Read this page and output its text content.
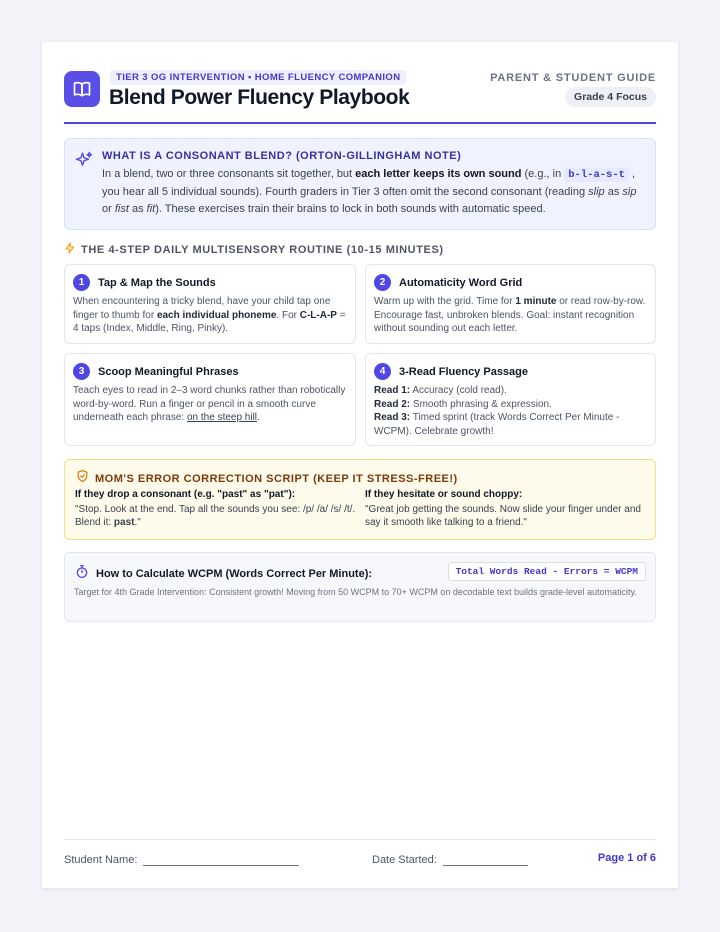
TIER 3 OG INTERVENTION • HOME FLUENCY COMPANION
Blend Power Fluency Playbook
PARENT & STUDENT GUIDE
Grade 4 Focus
WHAT IS A CONSONANT BLEND? (ORTON-GILLINGHAM NOTE)
In a blend, two or three consonants sit together, but each letter keeps its own sound (e.g., in b-l-a-s-t , you hear all 5 individual sounds). Fourth graders in Tier 3 often omit the second consonant (reading slip as sip or fist as fit). These exercises train their brains to lock in both sounds with automatic speed.
THE 4-STEP DAILY MULTISENSORY ROUTINE (10-15 MINUTES)
1	Tap & Map the Sounds
When encountering a tricky blend, have your child tap one finger to thumb for each individual phoneme. For C-L-A-P = 4 taps (Index, Middle, Ring, Pinky).
2	Automaticity Word Grid
Warm up with the grid. Time for 1 minute or read row-by-row. Encourage fast, unbroken blends. Goal: instant recognition without sounding out each letter.
3	Scoop Meaningful Phrases
Teach eyes to read in 2–3 word chunks rather than robotically word-by-word. Run a finger or pencil in a smooth curve underneath each phrase: on the steep hill.
4	3-Read Fluency Passage
Read 1: Accuracy (cold read).
Read 2: Smooth phrasing & expression.
Read 3: Timed sprint (track Words Correct Per Minute - WCPM). Celebrate growth!
MOM'S ERROR CORRECTION SCRIPT (KEEP IT STRESS-FREE!)
If they drop a consonant (e.g. "past" as "pat"):
"Stop. Look at the end. Tap all the sounds you see: /p/ /a/ /s/ /t/. Blend it: past."
If they hesitate or sound choppy:
"Great job getting the sounds. Now slide your finger under and say it smooth like talking to a friend."
How to Calculate WCPM (Words Correct Per Minute):	Total Words Read - Errors = WCPM
Target for 4th Grade Intervention: Consistent growth! Moving from 50 WCPM to 70+ WCPM on decodable text builds grade-level automaticity.
Student Name:	Date Started:	Page 1 of 6
